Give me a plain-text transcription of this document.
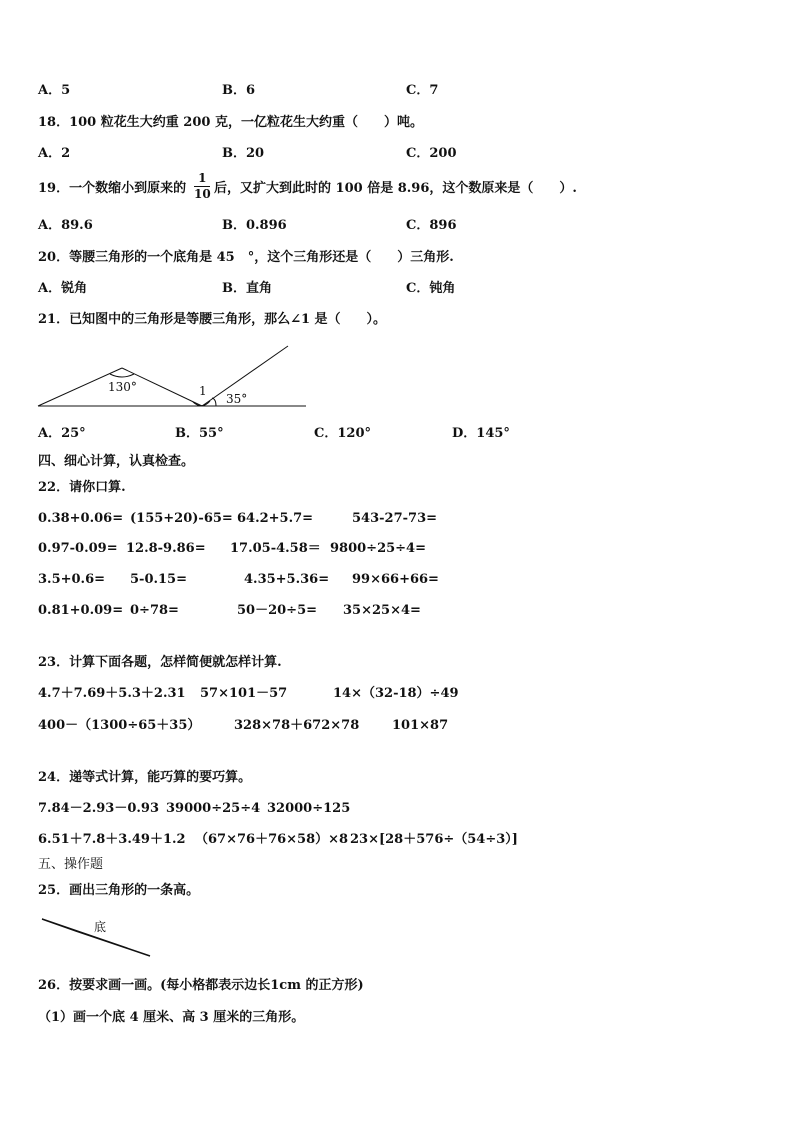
A．5	B．6	C．7
18．100 粒花生大约重 200 克，一亿粒花生大约重（　　）吨。
A．2	B．20	C．200
19．一个数缩小到原来的
1
10 后，又扩大到此时的 100 倍是 8.96，这个数原来是（　　）.
A．89.6	B．0.896	C．896
20．等腰三角形的一个底角是 45　°，这个三角形还是（　　）三角形.
A．锐角	B．直角	C．钝角
21．已知图中的三角形是等腰三角形，那么∠1 是（　　）。
130°	1
35°
A．25°	B．55°	C．120°	D．145°
四、细心计算，认真检查。
22．请你口算.
0.38+0.06= (155+20)-65= 64.2+5.7=	543-27-73=
0.97-0.09= 12.8-9.86= 17.05-4.58＝ 9800÷25÷4=
3.5+0.6= 5-0.15=	4.35+5.36= 99×66+66=
0.81+0.09= 0÷78=	50－20÷5= 35×25×4=
23．计算下面各题，怎样简便就怎样计算.
4.7＋7.69＋5.3＋2.31 57×101－57	14×（32-18）÷49
400－（1300÷65＋35）	328×78＋672×78	101×87
24．递等式计算，能巧算的要巧算。
7.84－2.93－0.93 39000÷25÷4 32000÷125
6.51＋7.8＋3.49＋1.2 （67×76＋76×58）×8 23×[28＋576÷（54÷3）]
五、操作题
25．画出三角形的一条高。
底
26．按要求画一画。(每小格都表示边长1cm 的正方形)
（1）画一个底 4 厘米、高 3 厘米的三角形。
